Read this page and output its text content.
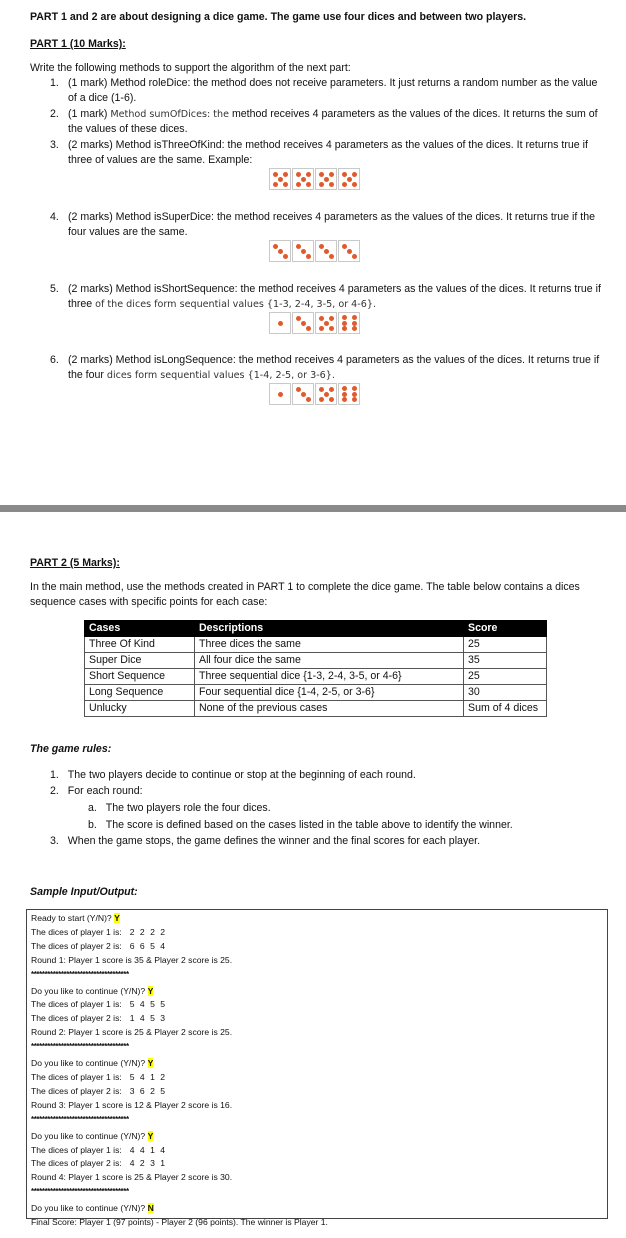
PART 1 and 2 are about designing a dice game. The game use four dices and between two players.
PART 1 (10 Marks):
Write the following methods to support the algorithm of the next part:
1. (1 mark) Method roleDice: the method does not receive parameters. It just returns a random number as the value of a dice (1-6).
2. (1 mark) Method sumOfDices: the method receives 4 parameters as the values of the dices. It returns the sum of the values of these dices.
3. (2 marks) Method isThreeOfKind: the method receives 4 parameters as the values of the dices. It returns true if three of values are the same. Example:
4. (2 marks) Method isSuperDice: the method receives 4 parameters as the values of the dices. It returns true if the four values are the same.
5. (2 marks) Method isShortSequence: the method receives 4 parameters as the values of the dices. It returns true if three of the dices form sequential values {1-3, 2-4, 3-5, or 4-6}.
6. (2 marks) Method isLongSequence: the method receives 4 parameters as the values of the dices. It returns true if the four dices form sequential values {1-4, 2-5, or 3-6}.
PART 2 (5 Marks):
In the main method, use the methods created in PART 1 to complete the dice game. The table below contains a dices sequence cases with specific points for each case:
Cases	Descriptions	Score
Three Of Kind	Three dices the same	25
Super Dice	All four dice the same	35
Short Sequence	Three sequential dice {1-3, 2-4, 3-5, or 4-6}	25
Long Sequence	Four sequential dice {1-4, 2-5, or 3-6}	30
Unlucky	None of the previous cases	Sum of 4 dices
The game rules:
1. The two players decide to continue or stop at the beginning of each round.
2. For each round:
a. The two players role the four dices.
b. The score is defined based on the cases listed in the table above to identify the winner.
3. When the game stops, the game defines the winner and the final scores for each player.
Sample Input/Output:
Ready to start (Y/N)? Y
The dices of player 1 is: 2 2 2 2
The dices of player 2 is: 6 6 5 4
Round 1: Player 1 score is 35 & Player 2 score is 25.
************************************
Do you like to continue (Y/N)? Y
The dices of player 1 is: 5 4 5 5
The dices of player 2 is: 1 4 5 3
Round 2: Player 1 score is 25 & Player 2 score is 25.
************************************
Do you like to continue (Y/N)? Y
The dices of player 1 is: 5 4 1 2
The dices of player 2 is: 3 6 2 5
Round 3: Player 1 score is 12 & Player 2 score is 16.
************************************
Do you like to continue (Y/N)? Y
The dices of player 1 is: 4 4 1 4
The dices of player 2 is: 4 2 3 1
Round 4: Player 1 score is 25 & Player 2 score is 30.
************************************
Do you like to continue (Y/N)? N
Final Score: Player 1 (97 points) - Player 2 (96 points). The winner is Player 1.
